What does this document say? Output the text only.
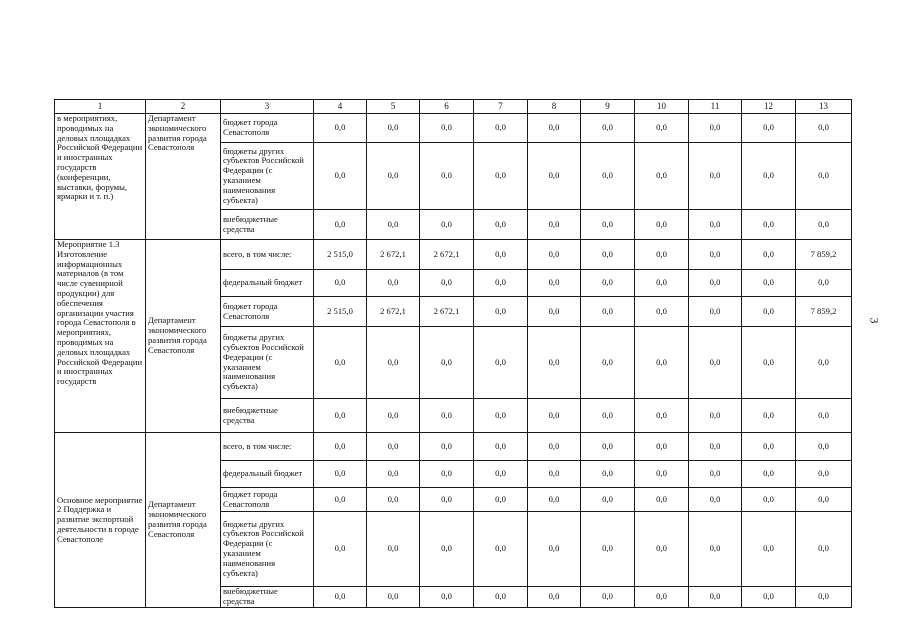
1	2	3	4	5	6	7	8	9	10	11	12	13
в мероприятиях, проводимых на деловых площадках Российской Федерации и иностранных государств (конференции, выставки, форумы, ярмарки и т. п.)	Департамент экономического развития города Севастополя	бюджет города Севастополя	0,0	0,0	0,0	0,0	0,0	0,0	0,0	0,0	0,0	0,0
		бюджеты других субъектов Российской Федерации (с указанием наименования субъекта)	0,0	0,0	0,0	0,0	0,0	0,0	0,0	0,0	0,0	0,0
		внебюджетные средства	0,0	0,0	0,0	0,0	0,0	0,0	0,0	0,0	0,0	0,0
Мероприятие 1.3 Изготовление информационных материалов (в том числе сувенирной продукции) для обеспечения организации участия города Севастополя в мероприятиях, проводимых на деловых площадках Российской Федерации и иностранных государств	Департамент экономического развития города Севастополя	всего, в том числе:	2 515,0	2 672,1	2 672,1	0,0	0,0	0,0	0,0	0,0	0,0	7 859,2
		федеральный бюджет	0,0	0,0	0,0	0,0	0,0	0,0	0,0	0,0	0,0	0,0
		бюджет города Севастополя	2 515,0	2 672,1	2 672,1	0,0	0,0	0,0	0,0	0,0	0,0	7 859,2
		бюджеты других субъектов Российской Федерации (с указанием наименования субъекта)	0,0	0,0	0,0	0,0	0,0	0,0	0,0	0,0	0,0	0,0
		внебюджетные средства	0,0	0,0	0,0	0,0	0,0	0,0	0,0	0,0	0,0	0,0
Основное мероприятие 2 Поддержка и развитие экспортной деятельности в городе Севастополе	Департамент экономического развития города Севастополя	всего, в том числе:	0,0	0,0	0,0	0,0	0,0	0,0	0,0	0,0	0,0	0,0
		федеральный бюджет	0,0	0,0	0,0	0,0	0,0	0,0	0,0	0,0	0,0	0,0
		бюджет города Севастополя	0,0	0,0	0,0	0,0	0,0	0,0	0,0	0,0	0,0	0,0
		бюджеты других субъектов Российской Федерации (с указанием наименования субъекта)	0,0	0,0	0,0	0,0	0,0	0,0	0,0	0,0	0,0	0,0
		внебюджетные средства	0,0	0,0	0,0	0,0	0,0	0,0	0,0	0,0	0,0	0,0
3
